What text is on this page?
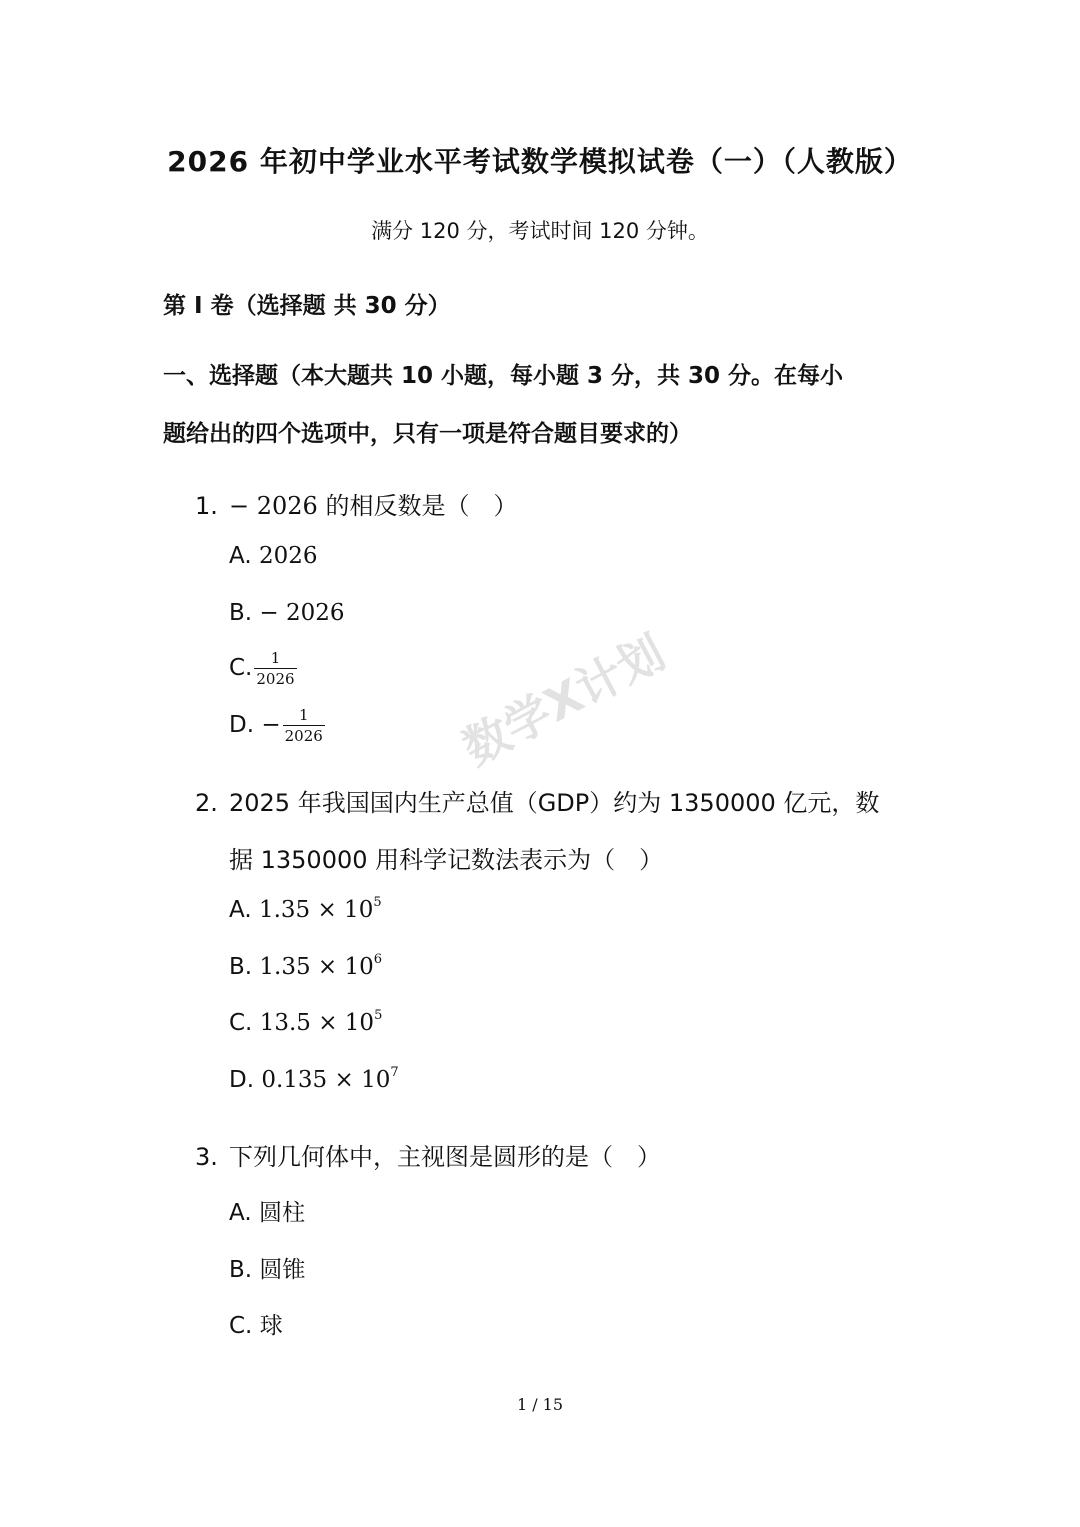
2026 年初中学业水平考试数学模拟试卷（一）（人教版）
满分 120 分，考试时间 120 分钟。
第 I 卷（选择题 共 30 分）
一、选择题（本大题共 10 小题，每小题 3 分，共 30 分。在每小
题给出的四个选项中，只有一项是符合题目要求的）
1. − 2026 的相反数是（　）
A. 2026
B. − 2026
C. $\frac{1}{2026}$
D. − $\frac{1}{2026}$
2. 2025 年我国国内生产总值（GDP）约为 1350000 亿元，数
据 1350000 用科学记数法表示为（　）
A. $1.35 \times 10^5$
B. $1.35 \times 10^6$
C. $13.5 \times 10^5$
D. $0.135 \times 10^7$
3. 下列几何体中，主视图是圆形的是（　）
A. 圆柱
B. 圆锥
C. 球
数学X计划
1 / 15
